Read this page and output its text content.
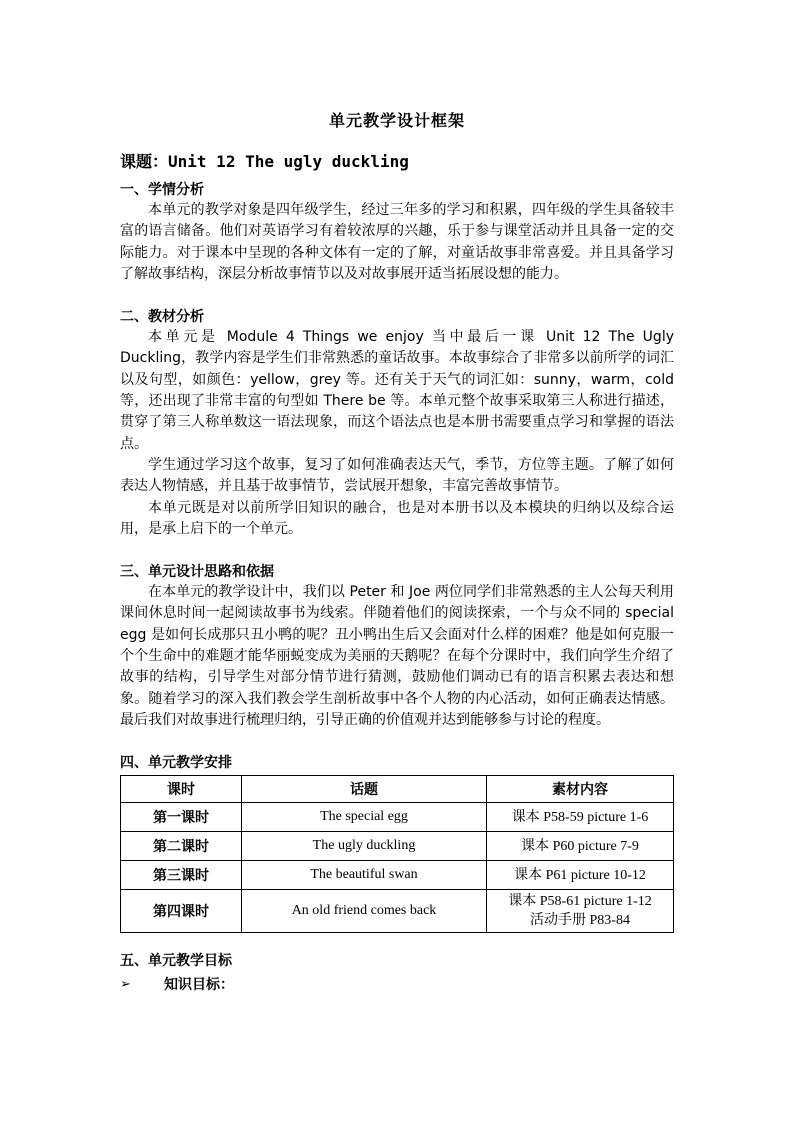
单元教学设计框架
课题：Unit 12 The ugly duckling
一、学情分析

本单元的教学对象是四年级学生，经过三年多的学习和积累，四年级的学生具备较丰富的语言储备。他们对英语学习有着较浓厚的兴趣，乐于参与课堂活动并且具备一定的交际能力。对于课本中呈现的各种文体有一定的了解，对童话故事非常喜爱。并且具备学习了解故事结构，深层分析故事情节以及对故事展开适当拓展设想的能力。

二、教材分析

本单元是 Module 4 Things we enjoy 当中最后一课 Unit 12 The Ugly Duckling，教学内容是学生们非常熟悉的童话故事。本故事综合了非常多以前所学的词汇以及句型，如颜色：yellow，grey 等。还有关于天气的词汇如：sunny，warm，cold 等，还出现了非常丰富的句型如 There be 等。本单元整个故事采取第三人称进行描述，贯穿了第三人称单数这一语法现象，而这个语法点也是本册书需要重点学习和掌握的语法点。

学生通过学习这个故事，复习了如何准确表达天气，季节，方位等主题。了解了如何表达人物情感，并且基于故事情节，尝试展开想象，丰富完善故事情节。

本单元既是对以前所学旧知识的融合，也是对本册书以及本模块的归纳以及综合运用，是承上启下的一个单元。

三、单元设计思路和依据

在本单元的教学设计中，我们以 Peter 和 Joe 两位同学们非常熟悉的主人公每天利用课间休息时间一起阅读故事书为线索。伴随着他们的阅读探索，一个与众不同的 special egg 是如何长成那只丑小鸭的呢？丑小鸭出生后又会面对什么样的困难？他是如何克服一个个生命中的难题才能华丽蜕变成为美丽的天鹅呢？在每个分课时中，我们向学生介绍了故事的结构，引导学生对部分情节进行猜测，鼓励他们调动已有的语言积累去表达和想象。随着学习的深入我们教会学生剖析故事中各个人物的内心活动，如何正确表达情感。最后我们对故事进行梳理归纳，引导正确的价值观并达到能够参与讨论的程度。

四、单元教学安排
课时	话题	素材内容
第一课时	The special egg	课本 P58-59 picture 1-6

第二课时	The ugly duckling	课本 P60 picture 7-9

第三课时	The beautiful swan	课本 P61 picture 10-12

第四课时	An old friend comes back	课本 P58-61 picture 1-12
活动手册 P83-84
五、单元教学目标
➢	知识目标：
